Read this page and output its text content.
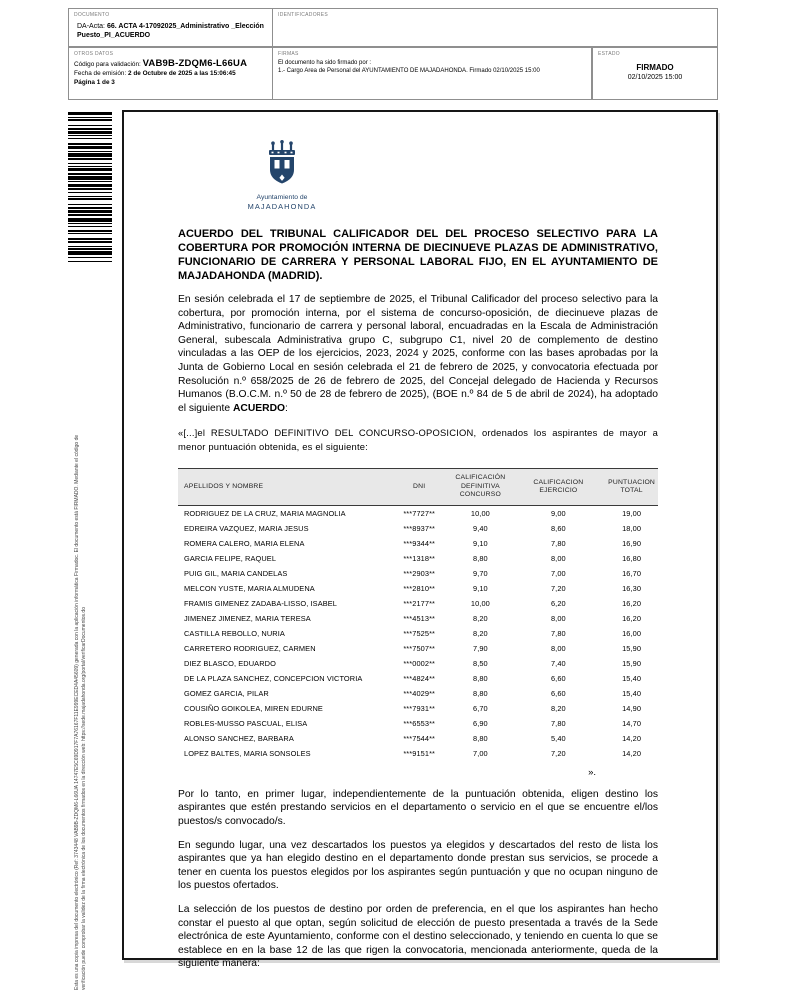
DOCUMENTO
DA-Acta: 66. ACTA 4-17092025_Administrativo _Elección Puesto_PI_ACUERDO
IDENTIFICADORES
OTROS DATOS
Código para validación: VAB9B-ZDQM6-L66UA
Fecha de emisión: 2 de Octubre de 2025 a las 15:06:45
Página 1 de 3
FIRMAS
El documento ha sido firmado por :
1.- Cargo Area de Personal del AYUNTAMIENTO DE MAJADAHONDA. Firmado 02/10/2025 15:00
ESTADO
FIRMADO
02/10/2025 15:00
Esta es una copia impresa del documento electrónico (Ref: 3743448 VAB9B-ZDQM6-L66UA 14747E5C69D917F7A76167F11E999ECED4A45609) generada con la aplicación informática Firmadoc. El documento está FIRMADO. Mediante el código de verificación puede comprobar la validez de la firma electrónica de los documentos firmados en la dirección web: https://sede.majadahonda.org/portal/verificarDocumentos.do
Ayuntamiento de
MAJADAHONDA

ACUERDO DEL TRIBUNAL CALIFICADOR DEL DEL PROCESO SELECTIVO PARA LA COBERTURA POR PROMOCIÓN INTERNA DE DIECINUEVE PLAZAS DE ADMINISTRATIVO, FUNCIONARIO DE CARRERA Y PERSONAL LABORAL FIJO, EN EL AYUNTAMIENTO DE MAJADAHONDA (MADRID).

En sesión celebrada el 17 de septiembre de 2025, el Tribunal Calificador del proceso selectivo para la cobertura, por promoción interna, por el sistema de concurso-oposición, de diecinueve plazas de Administrativo, funcionario de carrera y personal laboral, encuadradas en la Escala de Administración General, subescala Administrativa grupo C, subgrupo C1, nivel 20 de complemento de destino vinculadas a las OEP de los ejercicios, 2023, 2024 y 2025, conforme con las bases aprobadas por la Junta de Gobierno Local en sesión celebrada el 21 de febrero de 2025, y convocatoria efectuada por Resolución n.º 658/2025 de 26 de febrero de 2025, del Concejal delegado de Hacienda y Recursos Humanos (B.O.C.M. n.º 50 de 28 de febrero de 2025), (BOE n.º 84 de 5 de abril de 2024), ha adoptado el siguiente ACUERDO:

«[...]el RESULTADO DEFINITIVO DEL CONCURSO-OPOSICION, ordenados los aspirantes de mayor a menor puntuación obtenida, es el siguiente:

APELLIDOS Y NOMBRE	DNI	CALIFICACIÓN DEFINITIVA CONCURSO	CALIFICACION EJERCICIO	PUNTUACION TOTAL
RODRIGUEZ DE LA CRUZ, MARIA MAGNOLIA	***7727**	10,00	9,00	19,00
EDREIRA VAZQUEZ, MARIA JESUS	***8937**	9,40	8,60	18,00
ROMERA CALERO, MARIA ELENA	***9344**	9,10	7,80	16,90
GARCIA FELIPE, RAQUEL	***1318**	8,80	8,00	16,80
PUIG GIL, MARIA CANDELAS	***2903**	9,70	7,00	16,70
MELCON YUSTE, MARIA ALMUDENA	***2810**	9,10	7,20	16,30
FRAMIS GIMENEZ ZADABA-LISSO, ISABEL	***2177**	10,00	6,20	16,20
JIMENEZ JIMENEZ, MARIA TERESA	***4513**	8,20	8,00	16,20
CASTILLA REBOLLO, NURIA	***7525**	8,20	7,80	16,00
CARRETERO RODRIGUEZ, CARMEN	***7507**	7,90	8,00	15,90
DIEZ BLASCO, EDUARDO	***0002**	8,50	7,40	15,90
DE LA PLAZA SANCHEZ, CONCEPCION VICTORIA	***4824**	8,80	6,60	15,40
GOMEZ GARCIA, PILAR	***4029**	8,80	6,60	15,40
COUSIÑO GOIKOLEA, MIREN EDURNE	***7931**	6,70	8,20	14,90
ROBLES-MUSSO PASCUAL, ELISA	***6553**	6,90	7,80	14,70
ALONSO SANCHEZ, BARBARA	***7544**	8,80	5,40	14,20
LOPEZ BALTES, MARIA SONSOLES	***9151**	7,00	7,20	14,20
».

Por lo tanto, en primer lugar, independientemente de la puntuación obtenida, eligen destino los aspirantes que estén prestando servicios en el departamento o servicio en el que se encuentre el/los puestos/s convocado/s.

En segundo lugar, una vez descartados los puestos ya elegidos y descartados del resto de lista los aspirantes que ya han elegido destino en el departamento donde prestan sus servicios, se procede a tener en cuenta los puestos elegidos por los aspirantes según puntuación y que no ocupan ninguno de los puestos ofertados.

La selección de los puestos de destino por orden de preferencia, en el que los aspirantes han hecho constar el puesto al que optan, según solicitud de elección de puesto presentada a través de la Sede electrónica de este Ayuntamiento, conforme con el destino seleccionado, y teniendo en cuenta lo que se establece en en la base 12 de las que rigen la convocatoria, mencionada anteriormente, queda de la siguiente manera:
